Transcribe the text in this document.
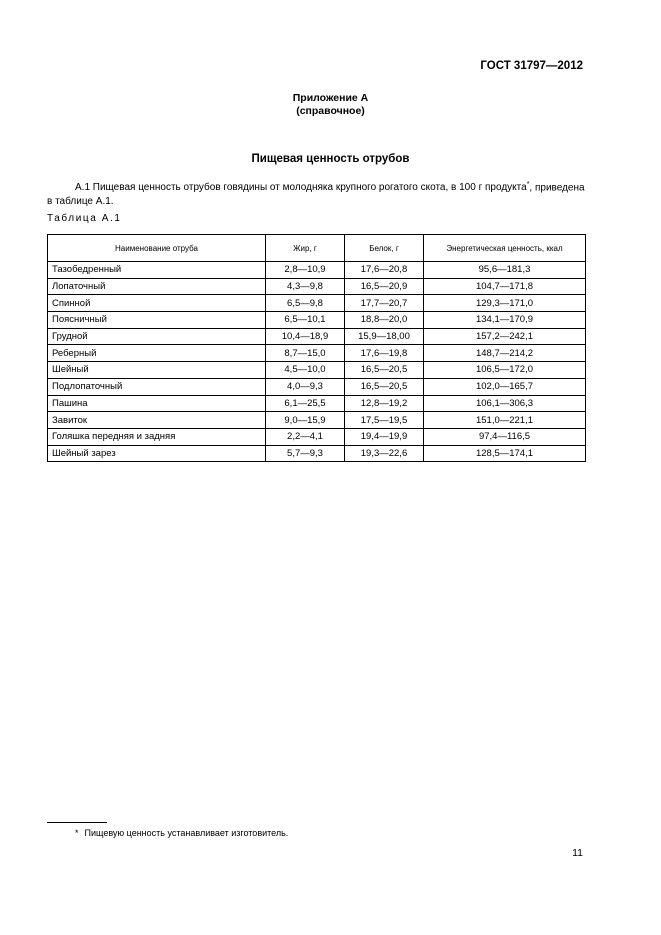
ГОСТ 31797—2012
Приложение А
(справочное)
Пищевая ценность отрубов
А.1 Пищевая ценность отрубов говядины от молодняка крупного рогатого скота, в 100 г продукта*, приведена в таблице А.1.
Таблица А.1
Наименование отруба	Жир, г	Белок, г	Энергетическая ценность, ккал
Тазобедренный	2,8—10,9	17,6—20,8	95,6—181,3
Лопаточный	4,3—9,8	16,5—20,9	104,7—171,8
Спинной	6,5—9,8	17,7—20,7	129,3—171,0
Поясничный	6,5—10,1	18,8—20,0	134,1—170,9
Грудной	10,4—18,9	15,9—18,00	157,2—242,1
Реберный	8,7—15,0	17,6—19,8	148,7—214,2
Шейный	4,5—10,0	16,5—20,5	106,5—172,0
Подлопаточный	4,0—9,3	16,5—20,5	102,0—165,7
Пашина	6,1—25,5	12,8—19,2	106,1—306,3
Завиток	9,0—15,9	17,5—19,5	151,0—221,1
Голяшка передняя и задняя	2,2—4,1	19,4—19,9	97,4—116,5
Шейный зарез	5,7—9,3	19,3—22,6	128,5—174,1
* Пищевую ценность устанавливает изготовитель.
11
